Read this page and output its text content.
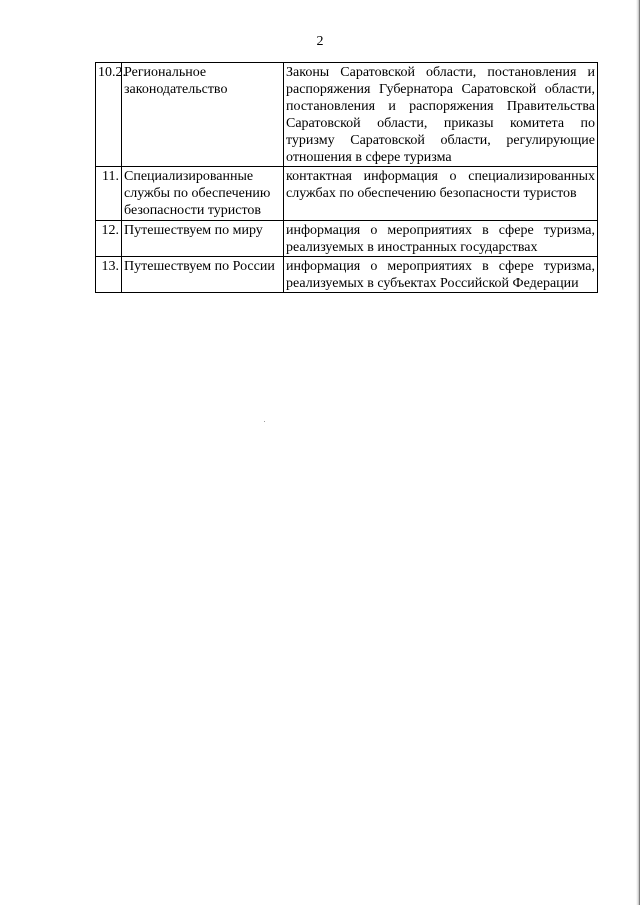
2
10.2.	Региональное законодательство	Законы Саратовской области, постановления и распоряжения Губернатора Саратовской области, постановления и распоряжения Правительства Саратовской области, приказы комитета по туризму Саратовской области, регулирующие отношения в сфере туризма
11.	Специализированные службы по обеспечению безопасности туристов	контактная информация о специализированных службах по обеспечению безопасности туристов
12.	Путешествуем по миру	информация о мероприятиях в сфере туризма, реализуемых в иностранных государствах
13.	Путешествуем по России	информация о мероприятиях в сфере туризма, реализуемых в субъектах Российской Федерации
